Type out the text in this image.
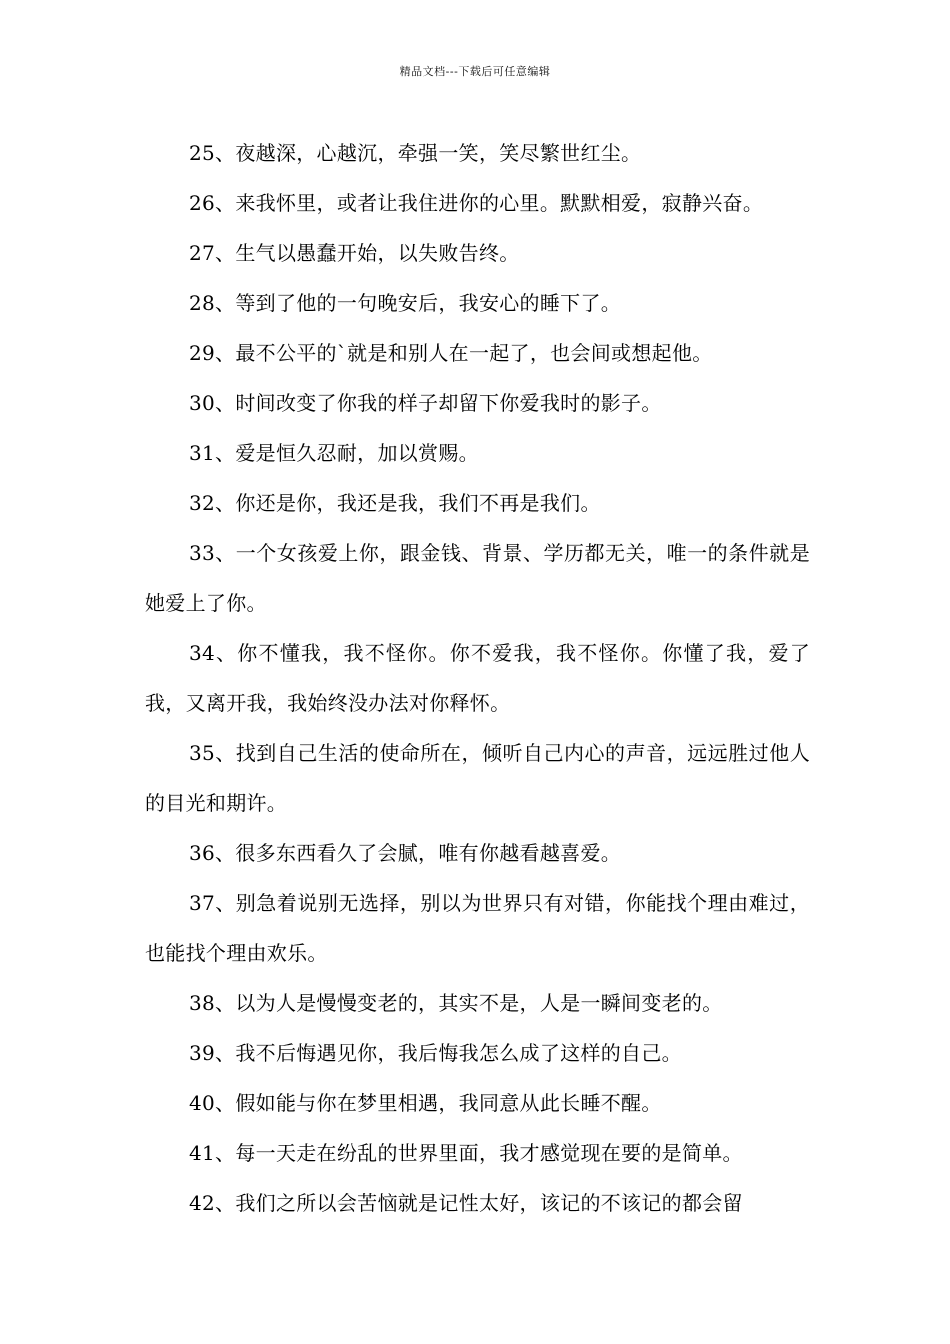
精品文档---下载后可任意编辑

25、夜越深，心越沉，牵强一笑，笑尽繁世红尘。

26、来我怀里，或者让我住进你的心里。默默相爱，寂静兴奋。

27、生气以愚蠢开始，以失败告终。

28、等到了他的一句晚安后，我安心的睡下了。

29、最不公平的`就是和别人在一起了，也会间或想起他。

30、时间改变了你我的样子却留下你爱我时的影子。

31、爱是恒久忍耐，加以赏赐。

32、你还是你，我还是我，我们不再是我们。

33、一个女孩爱上你，跟金钱、背景、学历都无关，唯一的条件就是她爱上了你。

34、你不懂我，我不怪你。你不爱我，我不怪你。你懂了我，爱了我，又离开我，我始终没办法对你释怀。

35、找到自己生活的使命所在，倾听自己内心的声音，远远胜过他人的目光和期许。

36、很多东西看久了会腻，唯有你越看越喜爱。

37、别急着说别无选择，别以为世界只有对错，你能找个理由难过，也能找个理由欢乐。

38、以为人是慢慢变老的，其实不是，人是一瞬间变老的。

39、我不后悔遇见你，我后悔我怎么成了这样的自己。

40、假如能与你在梦里相遇，我同意从此长睡不醒。

41、每一天走在纷乱的世界里面，我才感觉现在要的是简单。

42、我们之所以会苦恼就是记性太好，该记的不该记的都会留
